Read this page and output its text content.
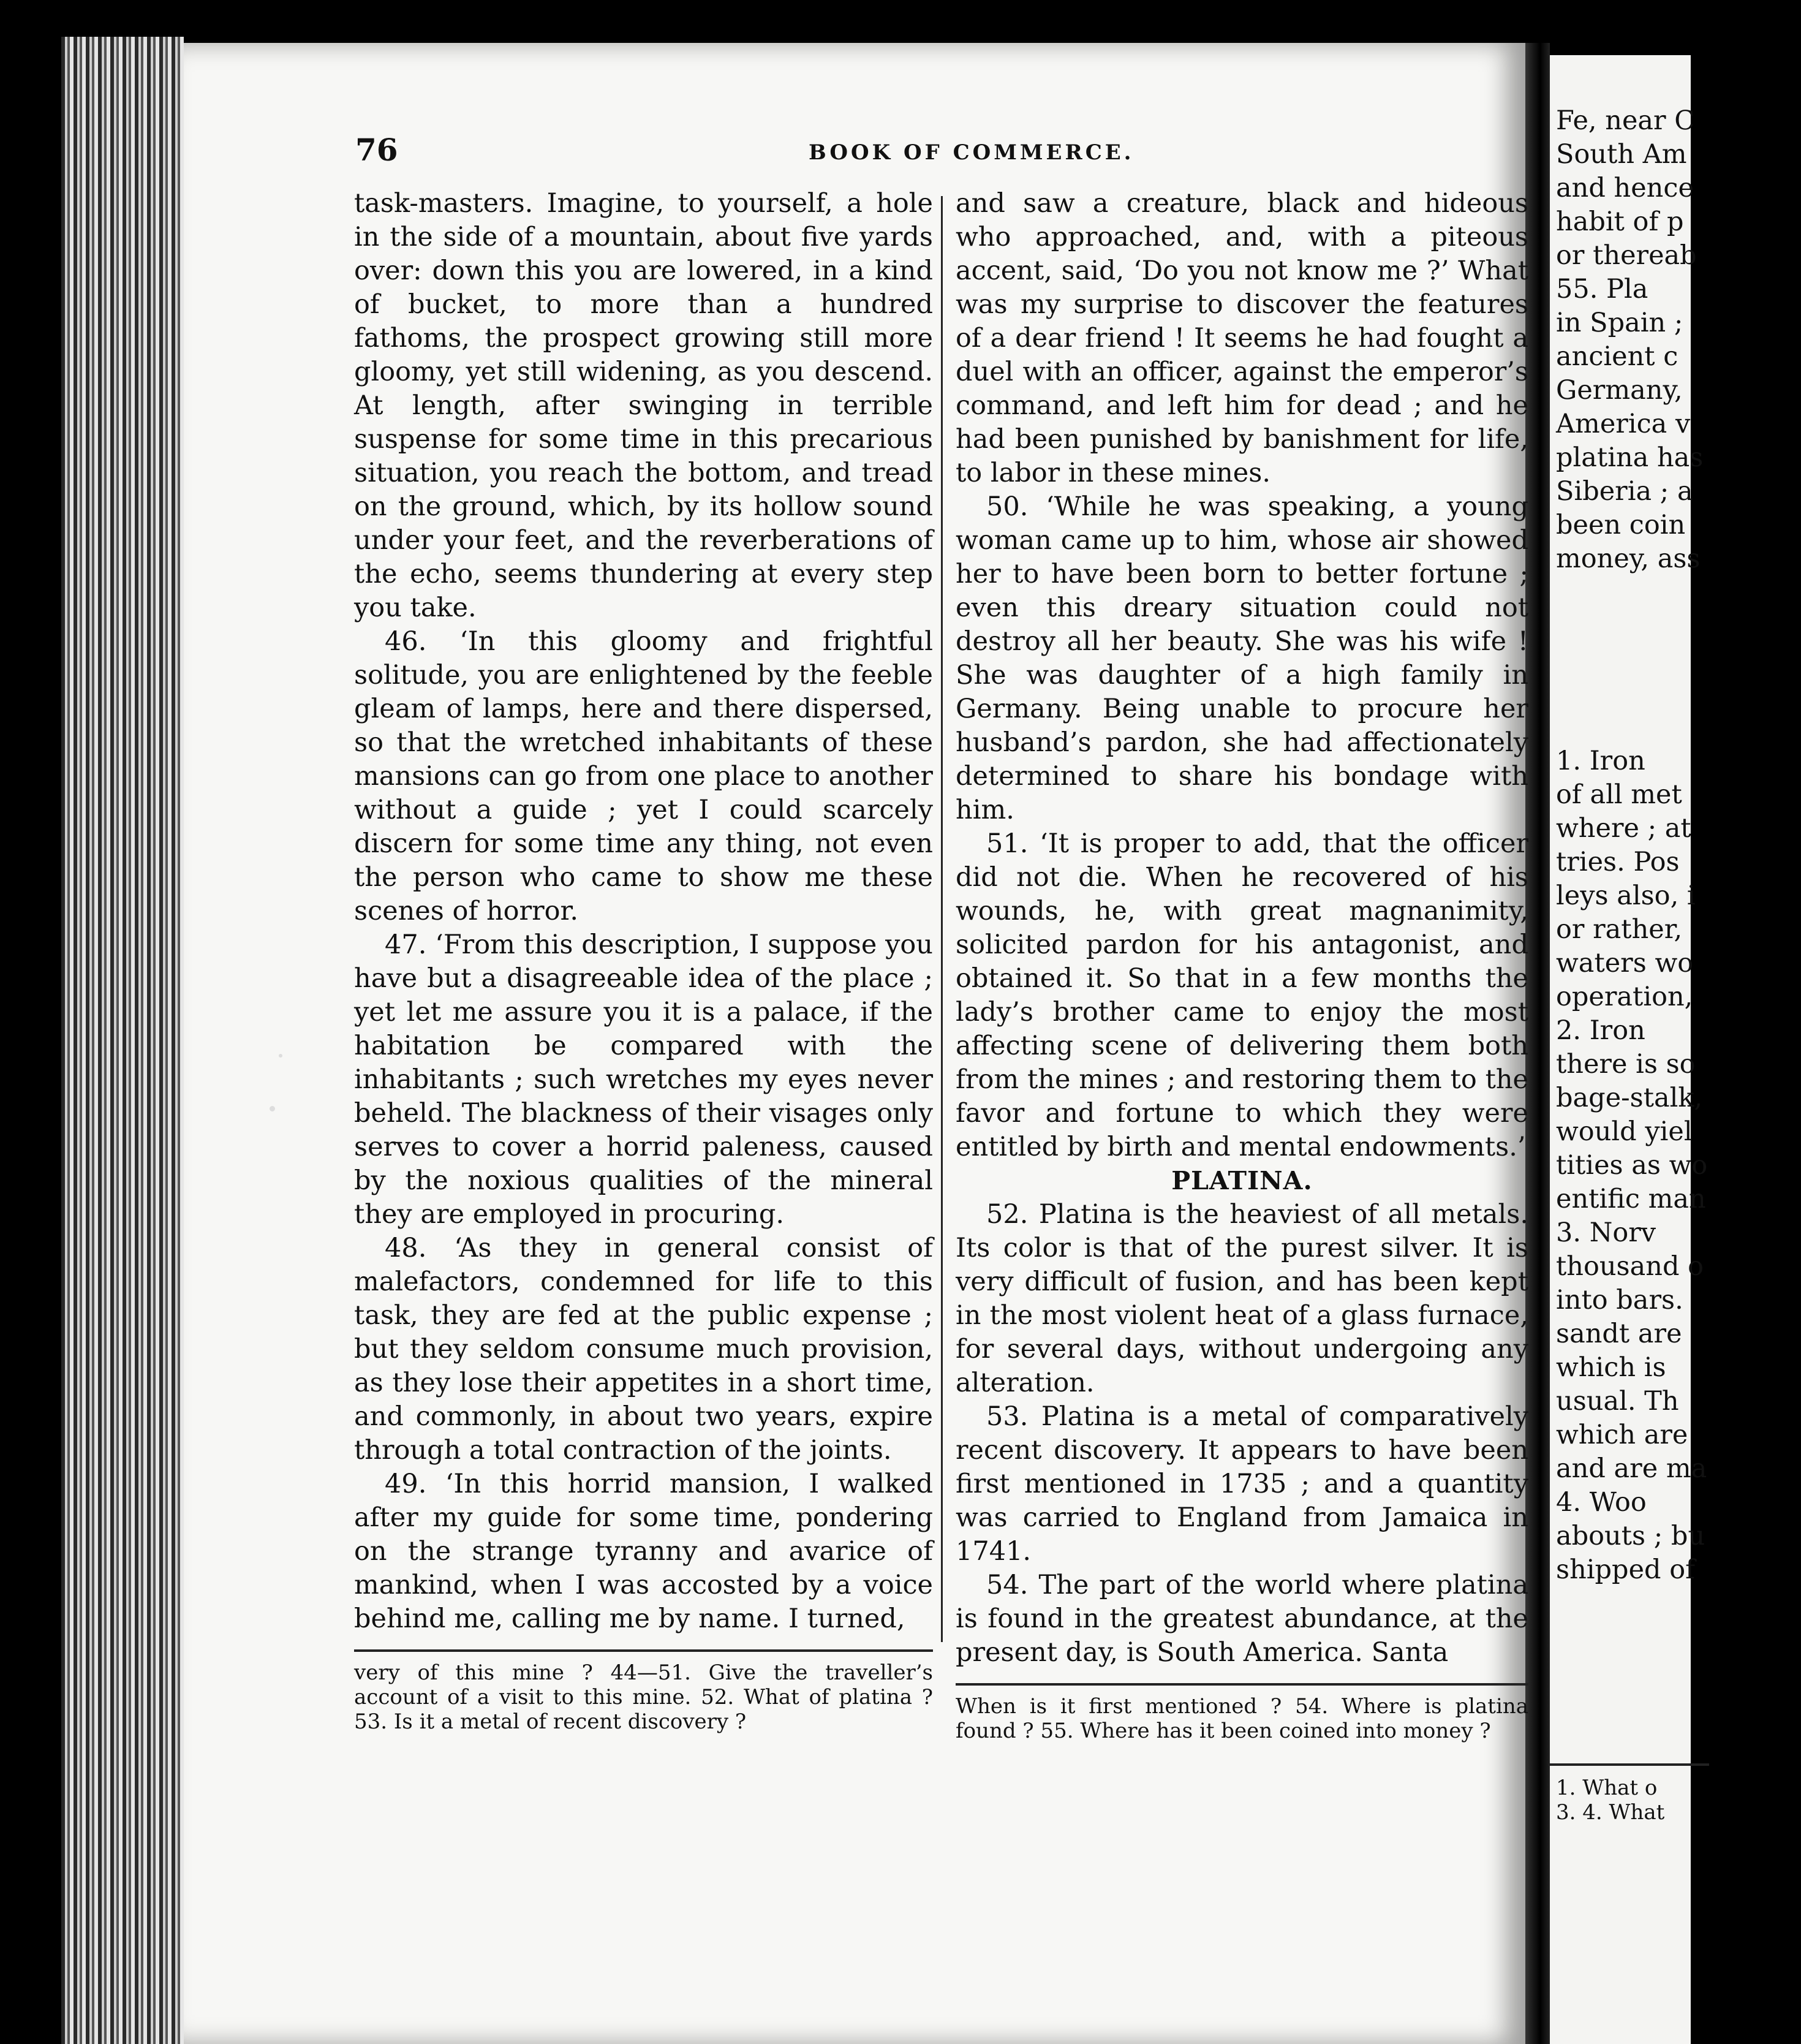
76	BOOK OF COMMERCE.

task-masters. Imagine, to yourself, a hole in the side of a mountain, about five yards over: down this you are lowered, in a kind of bucket, to more than a hundred fathoms, the prospect growing still more gloomy, yet still widening, as you descend. At length, after swinging in terrible suspense for some time in this precarious situation, you reach the bottom, and tread on the ground, which, by its hollow sound under your feet, and the reverberations of the echo, seems thundering at every step you take.

46. ‘In this gloomy and frightful solitude, you are enlightened by the feeble gleam of lamps, here and there dispersed, so that the wretched inhabitants of these mansions can go from one place to another without a guide ; yet I could scarcely discern for some time any thing, not even the person who came to show me these scenes of horror.

47. ‘From this description, I suppose you have but a disagreeable idea of the place ; yet let me assure you it is a palace, if the habitation be compared with the inhabitants ; such wretches my eyes never beheld. The blackness of their visages only serves to cover a horrid paleness, caused by the noxious qualities of the mineral they are employed in procuring.

48. ‘As they in general consist of malefactors, condemned for life to this task, they are fed at the public expense ; but they seldom consume much provision, as they lose their appetites in a short time, and commonly, in about two years, expire through a total contraction of the joints.

49. ‘In this horrid mansion, I walked after my guide for some time, pondering on the strange tyranny and avarice of mankind, when I was accosted by a voice behind me, calling me by name. I turned,

very of this mine ? 44—51. Give the traveller’s account of a visit to this mine. 52. What of platina ? 53. Is it a metal of recent discovery ?

and saw a creature, black and hideous who approached, and, with a piteous accent, said, ‘Do you not know me ?’ What was my surprise to discover the features of a dear friend ! It seems he had fought a duel with an officer, against the emperor’s command, and left him for dead ; and he had been punished by banishment for life, to labor in these mines.

50. ‘While he was speaking, a young woman came up to him, whose air showed her to have been born to better fortune ; even this dreary situation could not destroy all her beauty. She was his wife ! She was daughter of a high family in Germany. Being unable to procure her husband’s pardon, she had affectionately determined to share his bondage with him.

51. ‘It is proper to add, that the officer did not die. When he recovered of his wounds, he, with great magnanimity, solicited pardon for his antagonist, and obtained it. So that in a few months the lady’s brother came to enjoy the most affecting scene of delivering them both from the mines ; and restoring them to the favor and fortune to which they were entitled by birth and mental endowments.’

PLATINA.

52. Platina is the heaviest of all metals. Its color is that of the purest silver. It is very difficult of fusion, and has been kept in the most violent heat of a glass furnace, for several days, without undergoing any alteration.

53. Platina is a metal of comparatively recent discovery. It appears to have been first mentioned in 1735 ; and a quantity was carried to England from Jamaica in 1741.

54. The part of the world where platina is found in the greatest abundance, at the present day, is South America. Santa

When is it first mentioned ? 54. Where is platina found ? 55. Where has it been coined into money ?
Fe, near C
South Am
and hence
habit of p
or thereab
55. Pla
in Spain ;
ancient c
Germany,
America v
platina has
Siberia ; a
been coin
money, ass
1. Iron
of all met
where ; at
tries. Pos
leys also, i
or rather,
waters wo
operation,
2. Iron
there is so
bage-stalk,
would yiel
tities as wo
entific man
3. Norv
thousand o
into bars.
sandt are
which is
usual. Th
which are
and are ma
4. Woo
abouts ; bu
shipped of
1. What o
3. 4. What
